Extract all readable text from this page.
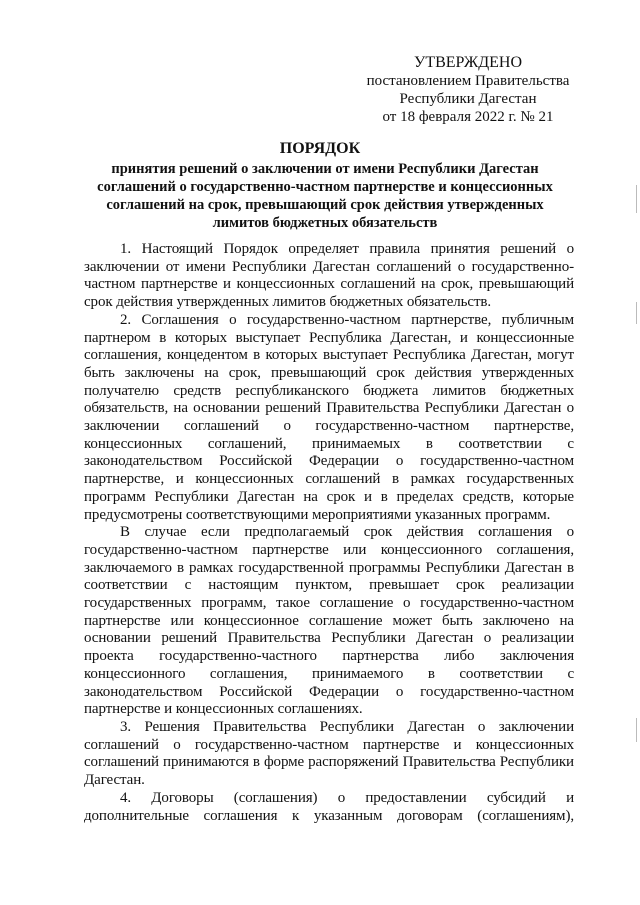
УТВЕРЖДЕНО
постановлением Правительства
Республики Дагестан
от 18 февраля 2022 г. № 21
ПОРЯДОК
принятия решений о заключении от имени Республики Дагестан соглашений о государственно-частном партнерстве и концессионных соглашений на срок, превышающий срок действия утвержденных лимитов бюджетных обязательств

1. Настоящий Порядок определяет правила принятия решений о заключении от имени Республики Дагестан соглашений о государственно-частном партнерстве и концессионных соглашений на срок, превышающий срок действия утвержденных лимитов бюджетных обязательств.

2. Соглашения о государственно-частном партнерстве, публичным партнером в которых выступает Республика Дагестан, и концессионные соглашения, концедентом в которых выступает Республика Дагестан, могут быть заключены на срок, превышающий срок действия утвержденных получателю средств республиканского бюджета лимитов бюджетных обязательств, на основании решений Правительства Республики Дагестан о заключении соглашений о государственно-частном партнерстве, концессионных соглашений, принимаемых в соответствии с законодательством Российской Федерации о государственно-частном партнерстве, и концессионных соглашений в рамках государственных программ Республики Дагестан на срок и в пределах средств, которые предусмотрены соответствующими мероприятиями указанных программ.

В случае если предполагаемый срок действия соглашения о государственно-частном партнерстве или концессионного соглашения, заключаемого в рамках государственной программы Республики Дагестан в соответствии с настоящим пунктом, превышает срок реализации государственных программ, такое соглашение о государственно-частном партнерстве или концессионное соглашение может быть заключено на основании решений Правительства Республики Дагестан о реализации проекта государственно-частного партнерства либо заключения концессионного соглашения, принимаемого в соответствии с законодательством Российской Федерации о государственно-частном партнерстве и концессионных соглашениях.

3. Решения Правительства Республики Дагестан о заключении соглашений о государственно-частном партнерстве и концессионных соглашений принимаются в форме распоряжений Правительства Республики Дагестан.

4. Договоры (соглашения) о предоставлении субсидий и дополнительные соглашения к указанным договорам (соглашениям),
